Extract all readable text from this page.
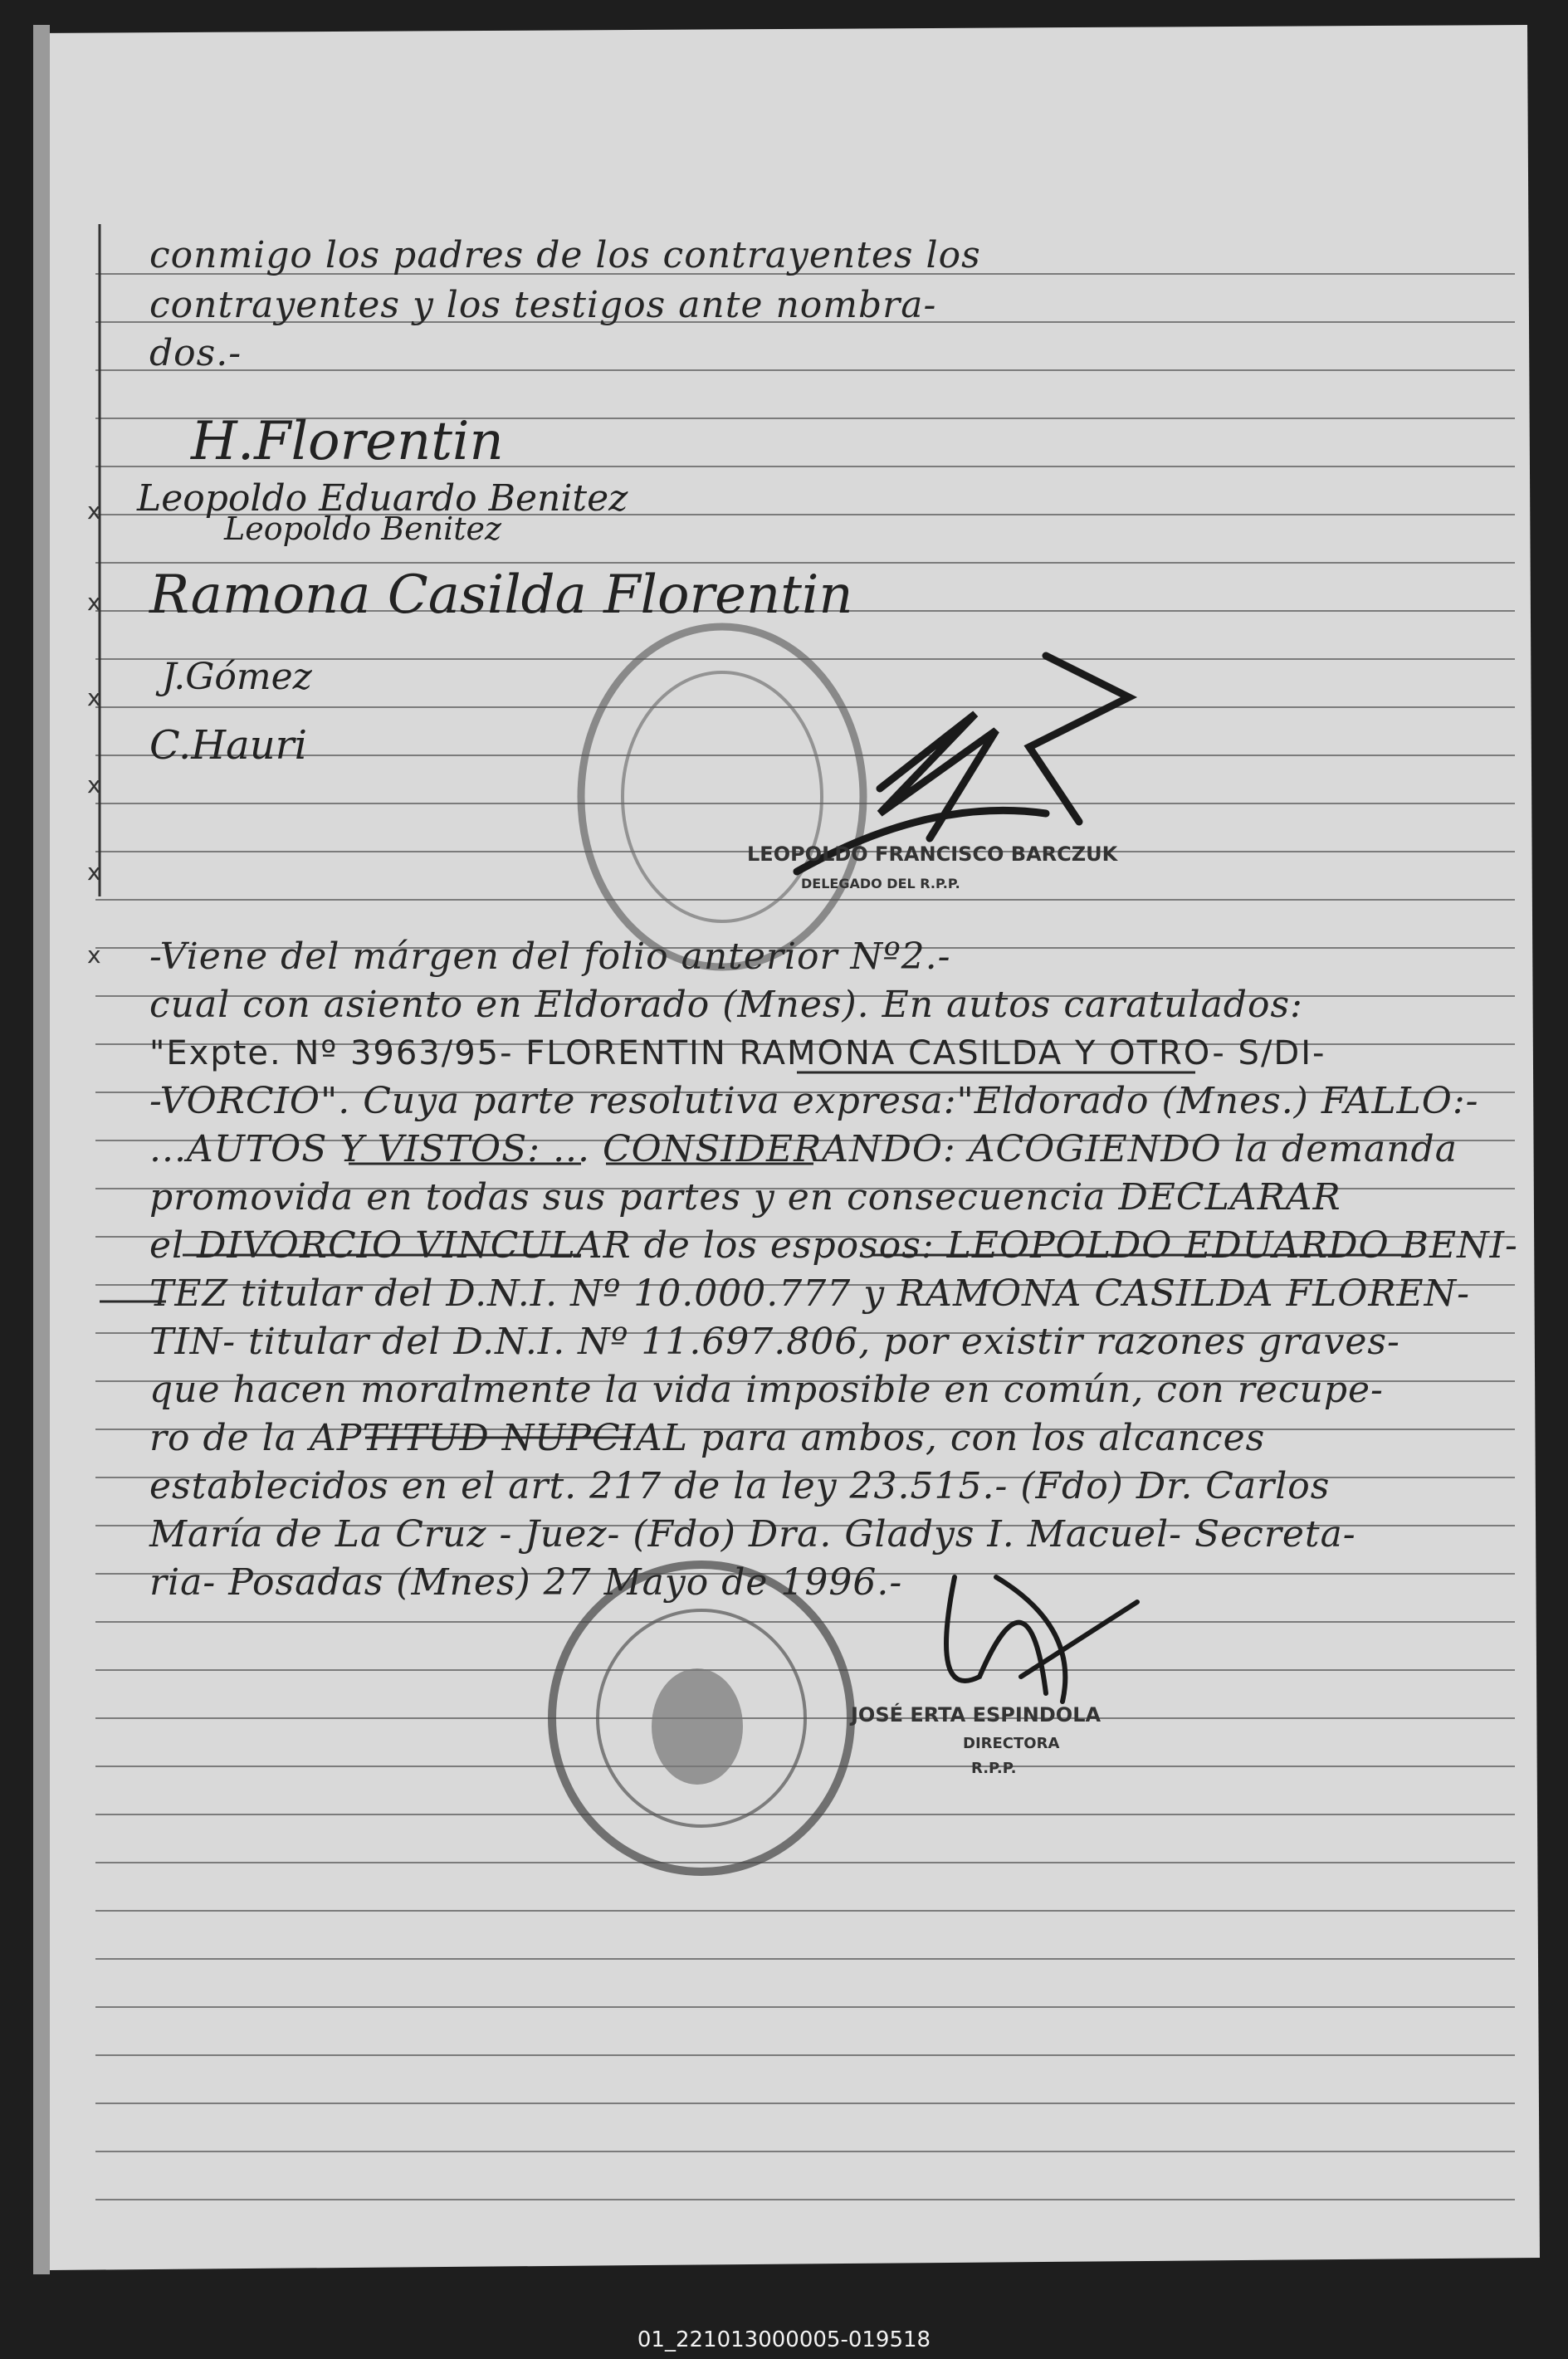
x
x
x
x
x
x
conmigo los padres de los contrayentes los
contrayentes y los testigos ante nombra-
dos.-
H.Florentin
Leopoldo Eduardo Benitez
Leopoldo Benitez
Ramona Casilda Florentin
J.Gómez
C.Hauri
LEOPOLDO FRANCISCO BARCZUK
DELEGADO DEL R.P.P.
-Viene del márgen del folio anterior Nº2.-
cual con asiento en Eldorado (Mnes). En autos caratulados:
"Expte. Nº 3963/95- FLORENTIN RAMONA CASILDA Y OTRO- S/DI-
-VORCIO". Cuya parte resolutiva expresa:"Eldorado (Mnes.) FALLO:-
...AUTOS Y VISTOS: ... CONSIDERANDO: ACOGIENDO la demanda
promovida en todas sus partes y en consecuencia DECLARAR
el DIVORCIO VINCULAR de los esposos: LEOPOLDO EDUARDO BENI-
TEZ titular del D.N.I. Nº 10.000.777 y RAMONA CASILDA FLOREN-
TIN- titular del D.N.I. Nº 11.697.806, por existir razones graves-
que hacen moralmente la vida imposible en común, con recupe-
ro de la APTITUD NUPCIAL para ambos, con los alcances
establecidos en el art. 217 de la ley 23.515.- (Fdo) Dr. Carlos
María de La Cruz - Juez- (Fdo) Dra. Gladys I. Macuel- Secreta-
ria- Posadas (Mnes) 27 Mayo de 1996.-
JOSÉ ERTA ESPINDOLA
DIRECTORA
R.P.P.
01_221013000005-019518
